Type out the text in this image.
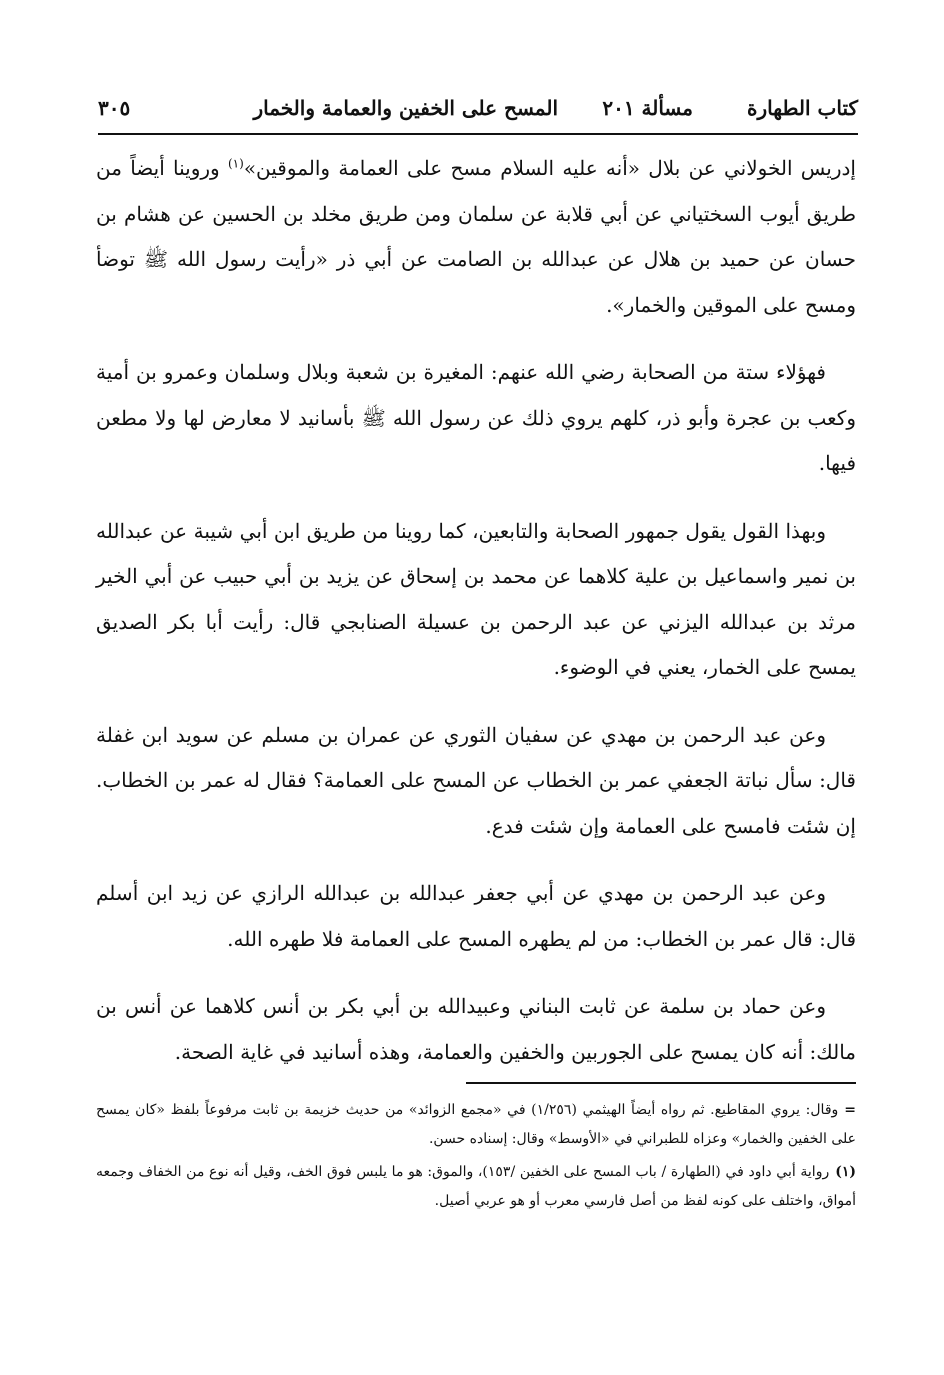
كتاب الطهارة
مسألة ٢٠١
المسح على الخفين والعمامة والخمار
٣٠٥

إدريس الخولاني عن بلال «أنه عليه السلام مسح على العمامة والموقين»$^{(١)}$ وروينا أيضاً من طريق أيوب السختياني عن أبي قلابة عن سلمان ومن طريق مخلد بن الحسين عن هشام بن حسان عن حميد بن هلال عن عبدالله بن الصامت عن أبي ذر «رأيت رسول الله ﷺ توضأ ومسح على الموقين والخمار».

فهؤلاء ستة من الصحابة رضي الله عنهم: المغيرة بن شعبة وبلال وسلمان وعمرو بن أمية وكعب بن عجرة وأبو ذر، كلهم يروي ذلك عن رسول الله ﷺ بأسانيد لا معارض لها ولا مطعن فيها.

وبهذا القول يقول جمهور الصحابة والتابعين، كما روينا من طريق ابن أبي شيبة عن عبدالله بن نمير واسماعيل بن علية كلاهما عن محمد بن إسحاق عن يزيد بن أبي حبيب عن أبي الخير مرثد بن عبدالله اليزني عن عبد الرحمن بن عسيلة الصنابجي قال: رأيت أبا بكر الصديق يمسح على الخمار، يعني في الوضوء.

وعن عبد الرحمن بن مهدي عن سفيان الثوري عن عمران بن مسلم عن سويد ابن غفلة قال: سأل نباتة الجعفي عمر بن الخطاب عن المسح على العمامة؟ فقال له عمر بن الخطاب. إن شئت فامسح على العمامة وإن شئت فدع.

وعن عبد الرحمن بن مهدي عن أبي جعفر عبدالله بن عبدالله الرازي عن زيد ابن أسلم قال: قال عمر بن الخطاب: من لم يطهره المسح على العمامة فلا طهره الله.

وعن حماد بن سلمة عن ثابت البناني وعبيدالله بن أبي بكر بن أنس كلاهما عن أنس بن مالك: أنه كان يمسح على الجوربين والخفين والعمامة، وهذه أسانيد في غاية الصحة.

=وقال: يروي المقاطيع. ثم رواه أيضاً الهيثمي (١/٢٥٦) في «مجمع الزوائد» من حديث خزيمة بن ثابت مرفوعاً بلفظ «كان يمسح على الخفين والخمار» وعزاه للطبراني في «الأوسط» وقال: إسناده حسن.

(١)رواية أبي داود في (الطهارة / باب المسح على الخفين /١٥٣)، والموق: هو ما يلبس فوق الخف، وقيل أنه نوع من الخفاف وجمعه أمواق، واختلف على كونه لفظ من أصل فارسي معرب أو هو عربي أصيل.
